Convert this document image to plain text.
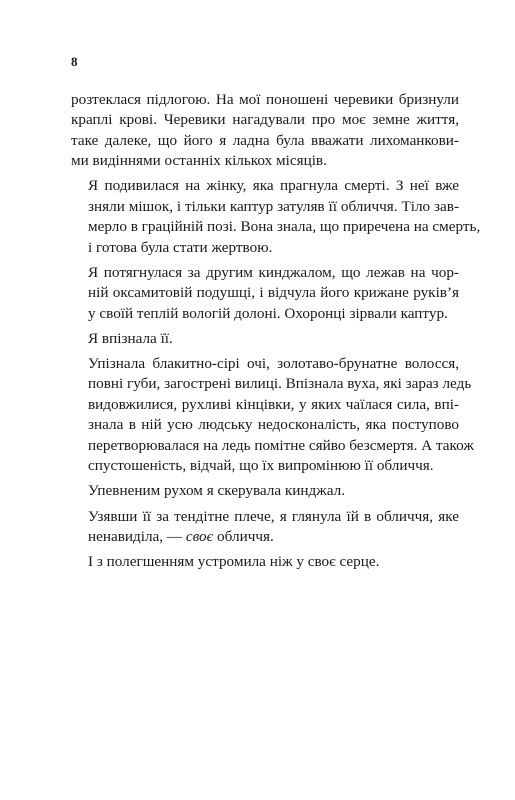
8

розтеклася підлогою. На мої поношені черевики бризнули
краплі крові. Черевики нагадували про моє земне життя,
таке далеке, що його я ладна була вважати лихоманкови-
ми видіннями останніх кількох місяців.

Я подивилася на жінку, яка прагнула смерті. З неї вже
зняли мішок, і тільки каптур затуляв її обличчя. Тіло зав-
мерло в граційній позі. Вона знала, що приречена на смерть,
і готова була стати жертвою.

Я потягнулася за другим кинджалом, що лежав на чор-
ній оксамитовій подушці, і відчула його крижане руків’я
у своїй теплій вологій долоні. Охоронці зірвали каптур.

Я впізнала її.

Упізнала блакитно-сірі очі, золотаво-брунатне волосся,
повні губи, загострені вилиці. Впізнала вуха, які зараз ледь
видовжилися, рухливі кінцівки, у яких чаїлася сила, впі-
знала в ній усю людську недосконалість, яка поступово
перетворювалася на ледь помітне сяйво безсмертя. А також
спустошеність, відчай, що їх випромінюю її обличчя.

Упевненим рухом я скерувала кинджал.

Узявши її за тендітне плече, я глянула їй в обличчя, яке
ненавиділа, — своє обличчя.

І з полегшенням устромила ніж у своє серце.
